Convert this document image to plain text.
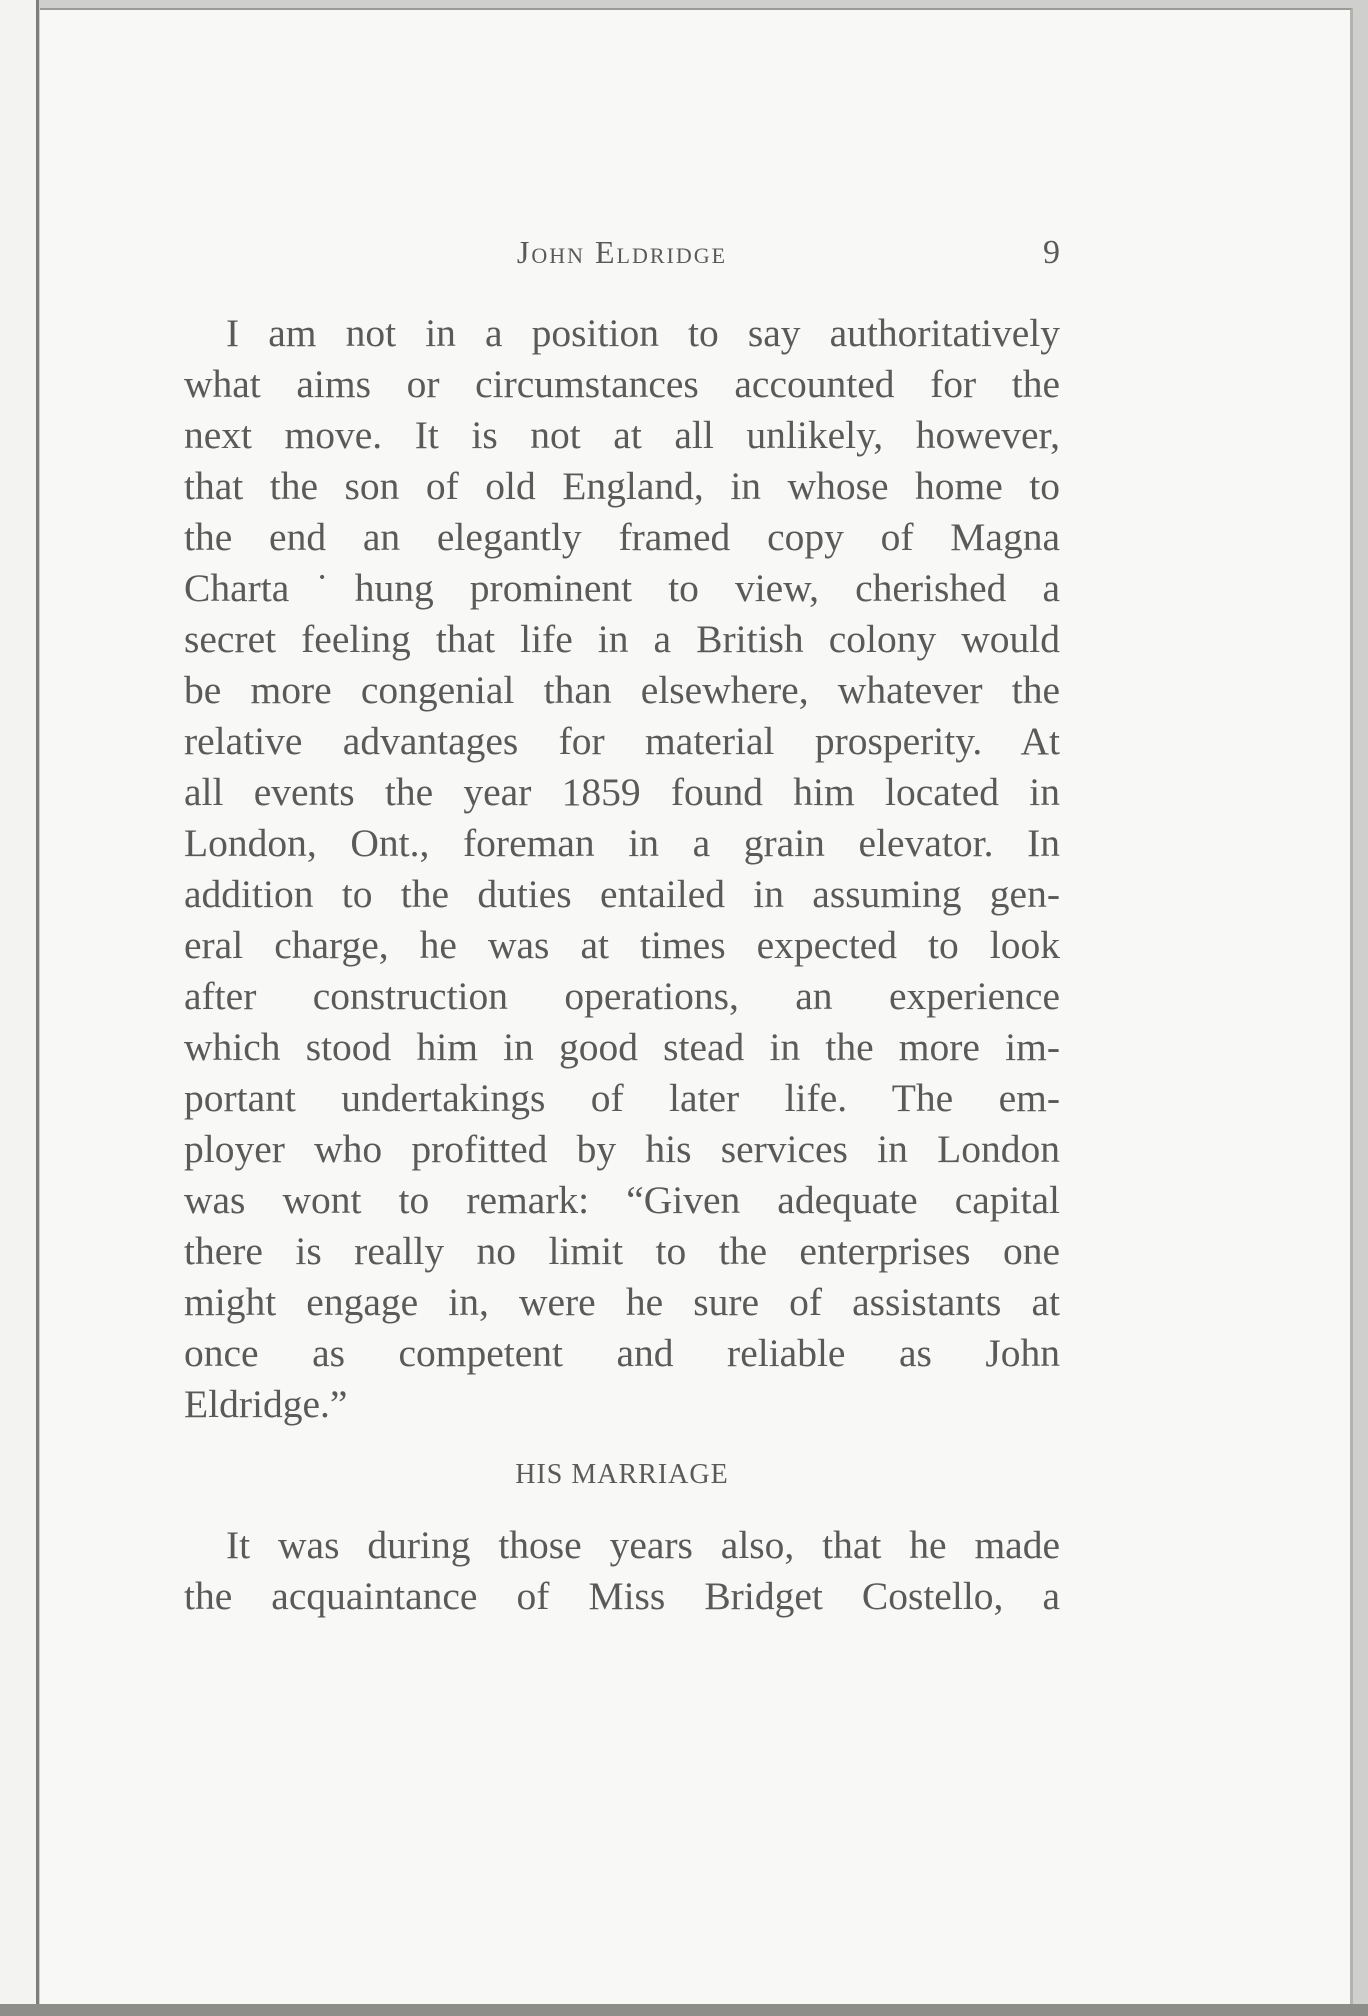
John Eldridge	9
I am not in a position to say authoritatively
what aims or circumstances accounted for the
next move. It is not at all unlikely, however,
that the son of old England, in whose home to
the end an elegantly framed copy of Magna
Charta˙hung prominent to view, cherished a
secret feeling that life in a British colony would
be more congenial than elsewhere, whatever the
relative advantages for material prosperity. At
all events the year 1859 found him located in
London, Ont., foreman in a grain elevator. In
addition to the duties entailed in assuming gen-
eral charge, he was at times expected to look
after construction operations, an experience
which stood him in good stead in the more im-
portant undertakings of later life. The em-
ployer who profitted by his services in London
was wont to remark: “Given adequate capital
there is really no limit to the enterprises one
might engage in, were he sure of assistants at
once as competent and reliable as John
Eldridge.”
HIS MARRIAGE
It was during those years also, that he made
the acquaintance of Miss Bridget Costello, a
